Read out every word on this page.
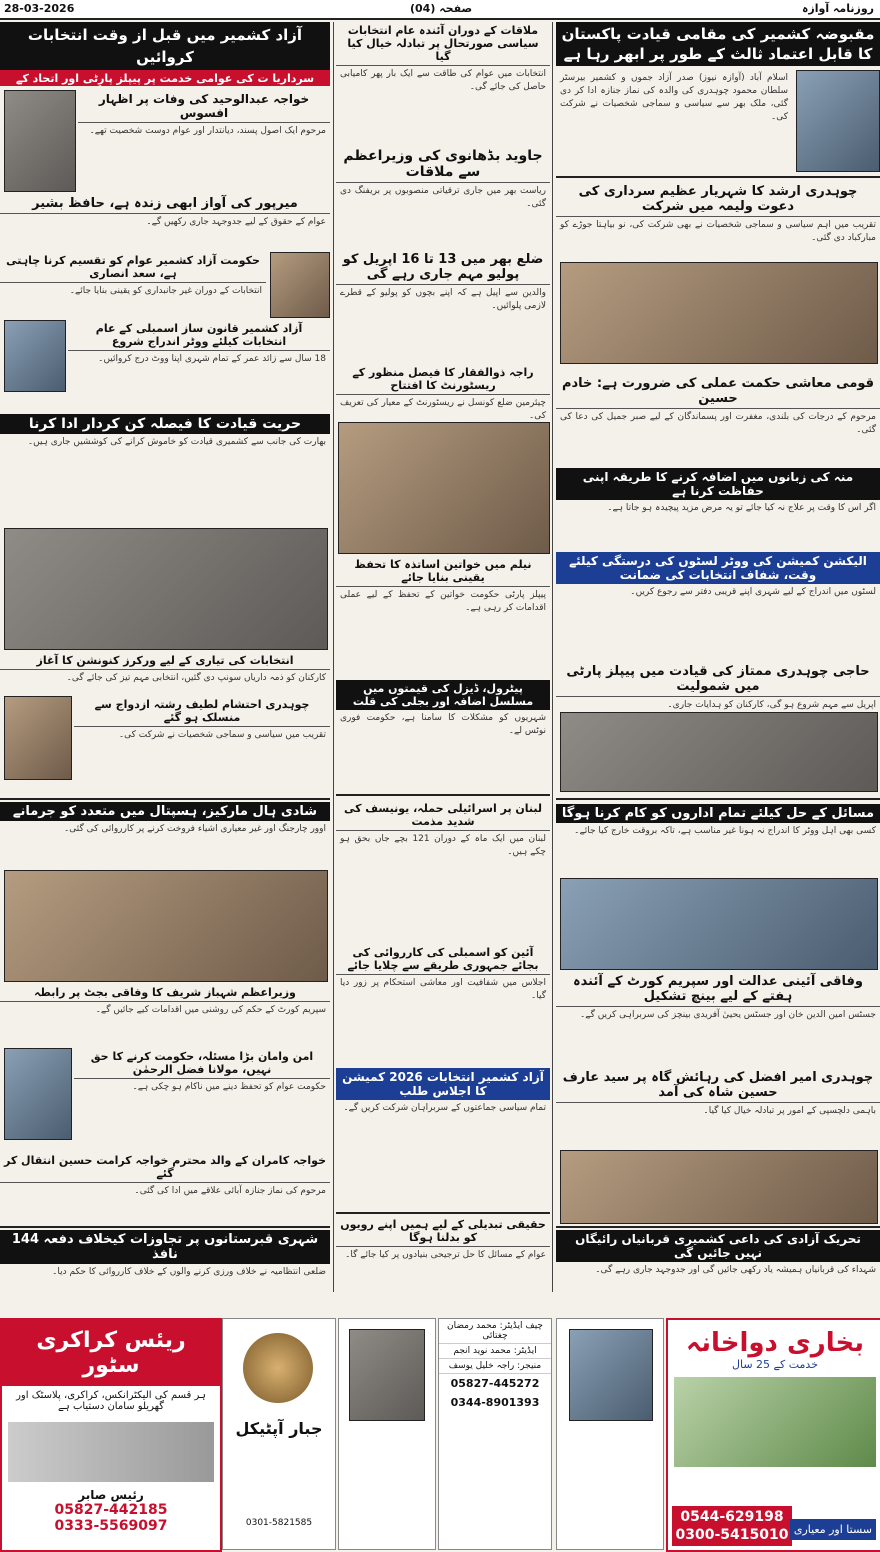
28-03-2026	صفحہ (04)	روزنامہ آوازہ
مقبوضہ کشمیر کی مقامی قیادت پاکستان کا قابل اعتماد ثالث کے طور پر ابھر رہا ہے
اسلام آباد (آوازہ نیوز) صدر آزاد جموں و کشمیر بیرسٹر سلطان محمود چوہدری کی والدہ کی نماز جنازہ ادا کر دی گئی، ملک بھر سے سیاسی و سماجی شخصیات نے شرکت کی۔
چوہدری ارشد کا شہریار عظیم سرداری کی دعوت ولیمہ میں شرکت
تقریب میں اہم سیاسی و سماجی شخصیات نے بھی شرکت کی، نو بیاہتا جوڑے کو مبارکباد دی گئی۔
قومی معاشی حکمت عملی کی ضرورت ہے: خادم حسین
مرحوم کے درجات کی بلندی، مغفرت اور پسماندگان کے لیے صبر جمیل کی دعا کی گئی۔
منہ کی زبانوں میں اضافہ کرنے کا طریقہ اپنی حفاظت کرنا ہے
اگر اس کا وقت پر علاج نہ کیا جائے تو یہ مرض مزید پیچیدہ ہو جاتا ہے۔
الیکشن کمیشن کی ووٹر لسٹوں کی درستگی کیلئے وقت، شفاف انتخابات کی ضمانت
لسٹوں میں اندراج کے لیے شہری اپنے قریبی دفتر سے رجوع کریں۔
حاجی چوہدری ممتاز کی قیادت میں پیپلز پارٹی میں شمولیت
اپریل سے مہم شروع ہو گی، کارکنان کو ہدایات جاری۔
مسائل کے حل کیلئے تمام اداروں کو کام کرنا ہوگا
کسی بھی اہل ووٹر کا اندراج نہ ہونا غیر مناسب ہے، تاکہ بروقت خارج کیا جائے۔
وفاقی آئینی عدالت اور سپریم کورٹ کے آئندہ ہفتے کے لیے بینچ تشکیل
جسٹس امین الدین خان اور جسٹس یحییٰ آفریدی بینچز کی سربراہی کریں گے۔
چوہدری امیر افضل کی رہائش گاہ پر سید عارف حسین شاہ کی آمد
باہمی دلچسپی کے امور پر تبادلہ خیال کیا گیا۔
تحریک آزادی کی داعی کشمیری قربانیاں رائیگاں نہیں جائیں گی
شہداء کی قربانیاں ہمیشہ یاد رکھی جائیں گی اور جدوجہد جاری رہے گی۔
ملاقات کے دوران آئندہ عام انتخابات سیاسی صورتحال پر تبادلہ خیال کیا گیا
انتخابات میں عوام کی طاقت سے ایک بار پھر کامیابی حاصل کی جائے گی۔
جاوید بڈھانوی کی وزیراعظم سے ملاقات
ریاست بھر میں جاری ترقیاتی منصوبوں پر بریفنگ دی گئی۔
ضلع بھر میں 13 تا 16 اپریل کو پولیو مہم جاری رہے گی
والدین سے اپیل ہے کہ اپنے بچوں کو پولیو کے قطرے لازمی پلوائیں۔
راجہ ذوالفقار کا فیصل منظور کے ریسٹورنٹ کا افتتاح
چیئرمین ضلع کونسل نے ریسٹورنٹ کے معیار کی تعریف کی۔
نیلم میں خواتین اساتذہ کا تحفظ یقینی بنایا جائے
پیپلز پارٹی حکومت خواتین کے تحفظ کے لیے عملی اقدامات کر رہی ہے۔
پیٹرول، ڈیزل کی قیمتوں میں مسلسل اضافہ اور بجلی کی قلت
شہریوں کو مشکلات کا سامنا ہے، حکومت فوری نوٹس لے۔
لبنان پر اسرائیلی حملہ، یونیسف کی شدید مذمت
لبنان میں ایک ماہ کے دوران 121 بچے جاں بحق ہو چکے ہیں۔
آئین کو اسمبلی کی کارروائی کی بجائے جمہوری طریقے سے چلایا جائے
اجلاس میں شفافیت اور معاشی استحکام پر زور دیا گیا۔
آزاد کشمیر انتخابات 2026 کمیشن کا اجلاس طلب
تمام سیاسی جماعتوں کے سربراہان شرکت کریں گے۔
حقیقی تبدیلی کے لیے ہمیں اپنے رویوں کو بدلنا ہوگا
عوام کے مسائل کا حل ترجیحی بنیادوں پر کیا جائے گا۔
آزاد کشمیر میں قبل از وقت انتخابات کروائیں
سرداریا ت کی عوامی خدمت پر پیپلز پارٹی اور اتحاد کے
خواجہ عبدالوحید کی وفات پر اظہار افسوس
مرحوم ایک اصول پسند، دیانتدار اور عوام دوست شخصیت تھے۔
میرپور کی آواز ابھی زندہ ہے، حافظ بشیر
عوام کے حقوق کے لیے جدوجہد جاری رکھیں گے۔
حکومت آزاد کشمیر عوام کو تقسیم کرنا چاہتی ہے، سعد انصاری
انتخابات کے دوران غیر جانبداری کو یقینی بنایا جائے۔
آزاد کشمیر قانون ساز اسمبلی کے عام انتخابات کیلئے ووٹر اندراج شروع
18 سال سے زائد عمر کے تمام شہری اپنا ووٹ درج کروائیں۔
حریت قیادت کا فیصلہ کن کردار ادا کرنا
بھارت کی جانب سے کشمیری قیادت کو خاموش کرانے کی کوششیں جاری ہیں۔
انتخابات کی تیاری کے لیے ورکرز کنونشن کا آغاز
کارکنان کو ذمہ داریاں سونپ دی گئیں، انتخابی مہم تیز کی جائے گی۔
چوہدری احتشام لطیف رشتہ ازدواج سے منسلک ہو گئے
تقریب میں سیاسی و سماجی شخصیات نے شرکت کی۔
شادی ہال مارکیز، ہسپتال میں متعدد کو جرمانے
اوور چارجنگ اور غیر معیاری اشیاء فروخت کرنے پر کارروائی کی گئی۔
وزیراعظم شہباز شریف کا وفاقی بجٹ پر رابطہ
سپریم کورٹ کے حکم کی روشنی میں اقدامات کیے جائیں گے۔
امن وامان بڑا مسئلہ، حکومت کرنے کا حق نہیں، مولانا فضل الرحمٰن
حکومت عوام کو تحفظ دینے میں ناکام ہو چکی ہے۔
خواجہ کامران کے والد محترم خواجہ کرامت حسین انتقال کر گئے
مرحوم کی نماز جنازہ آبائی علاقے میں ادا کی گئی۔
شہری قبرستانوں پر تجاوزات کیخلاف دفعہ 144 نافذ
ضلعی انتظامیہ نے خلاف ورزی کرنے والوں کے خلاف کارروائی کا حکم دیا۔
ریئس کراکری سٹور
ہر قسم کی الیکٹرانکس، کراکری، پلاسٹک اور گھریلو سامان دستیاب ہے
رئیس صابر
05827-442185
0333-5569097
جبار آپٹیکل
0301-5821585
چیف ایڈیٹر: محمد رمضان چغتائی
ایڈیٹر: محمد نوید انجم
منیجر: راجہ خلیل یوسف
05827-445272
0344-8901393
بخاری دواخانہ
خدمت کے 25 سال
0544-629198
0300-5415010 سستا اور معیاری
